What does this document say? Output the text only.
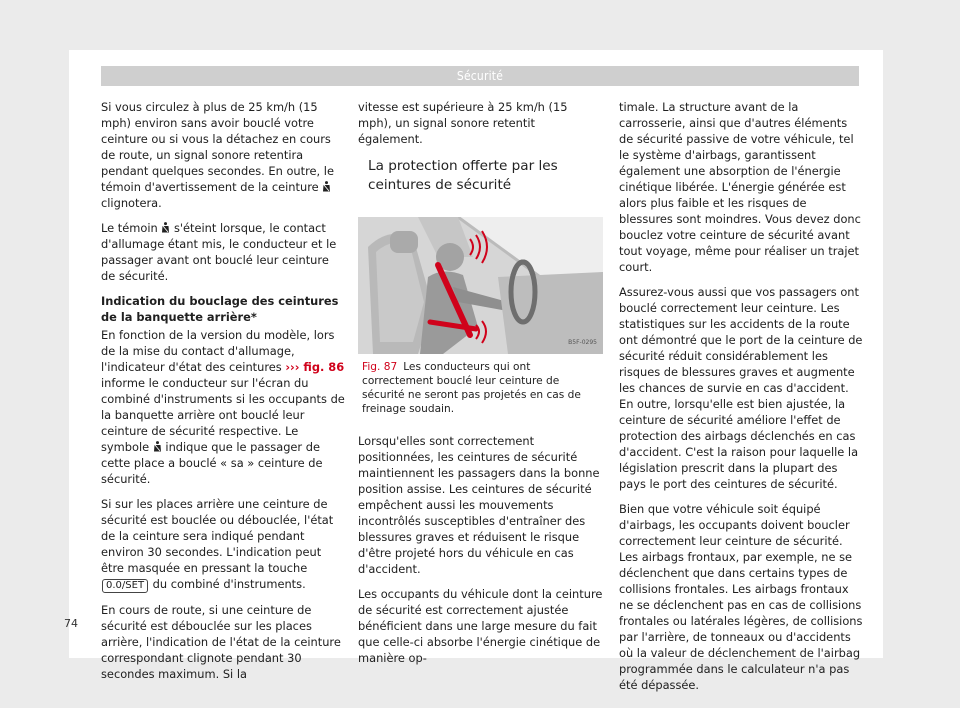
Sécurité

Si vous circulez à plus de 25 km/h (15 mph) environ sans avoir bouclé votre ceinture ou si vous la détachez en cours de route, un signal sonore retentira pendant quelques secondes. En outre, le témoin d'avertissement de la ceinture  clignotera.

Le témoin s'éteint lorsque, le contact d'allumage étant mis, le conducteur et le passager avant ont bouclé leur ceinture de sécurité.

Indication du bouclage des ceintures de la banquette arrière*

En fonction de la version du modèle, lors de la mise du contact d'allumage, l'indicateur d'état des ceintures ››› fig. 86 informe le conducteur sur l'écran du combiné d'instruments si les occupants de la banquette arrière ont bouclé leur ceinture de sécurité respective. Le symbole indique que le passager de cette place a bouclé « sa » ceinture de sécurité.

Si sur les places arrière une ceinture de sécurité est bouclée ou débouclée, l'état de la ceinture sera indiqué pendant environ 30 secondes. L'indication peut être masquée en pressant la touche 0.0/SET du combiné d'instruments.

En cours de route, si une ceinture de sécurité est débouclée sur les places arrière, l'indication de l'état de la ceinture correspondant clignote pendant 30 secondes maximum. Si la

vitesse est supérieure à 25 km/h (15 mph), un signal sonore retentit également.

La protection offerte par les ceintures de sécurité
B5F-0295
Fig. 87 Les conducteurs qui ont correctement bouclé leur ceinture de sécurité ne seront pas projetés en cas de freinage soudain.

Lorsqu'elles sont correctement positionnées, les ceintures de sécurité maintiennent les passagers dans la bonne position assise. Les ceintures de sécurité empêchent aussi les mouvements incontrôlés susceptibles d'entraîner des blessures graves et réduisent le risque d'être projeté hors du véhicule en cas d'accident.

Les occupants du véhicule dont la ceinture de sécurité est correctement ajustée bénéficient dans une large mesure du fait que celle-ci absorbe l'énergie cinétique de manière op-

timale. La structure avant de la carrosserie, ainsi que d'autres éléments de sécurité passive de votre véhicule, tel le système d'airbags, garantissent également une absorption de l'énergie cinétique libérée. L'énergie générée est alors plus faible et les risques de blessures sont moindres. Vous devez donc bouclez votre ceinture de sécurité avant tout voyage, même pour réaliser un trajet court.

Assurez-vous aussi que vos passagers ont bouclé correctement leur ceinture. Les statistiques sur les accidents de la route ont démontré que le port de la ceinture de sécurité réduit considérablement les risques de blessures graves et augmente les chances de survie en cas d'accident. En outre, lorsqu'elle est bien ajustée, la ceinture de sécurité améliore l'effet de protection des airbags déclenchés en cas d'accident. C'est la raison pour laquelle la législation prescrit dans la plupart des pays le port des ceintures de sécurité.

Bien que votre véhicule soit équipé d'airbags, les occupants doivent boucler correctement leur ceinture de sécurité. Les airbags frontaux, par exemple, ne se déclenchent que dans certains types de collisions frontales. Les airbags frontaux ne se déclenchent pas en cas de collisions frontales ou latérales légères, de collisions par l'arrière, de tonneaux ou d'accidents où la valeur de déclenchement de l'airbag programmée dans le calculateur n'a pas été dépassée.

74
